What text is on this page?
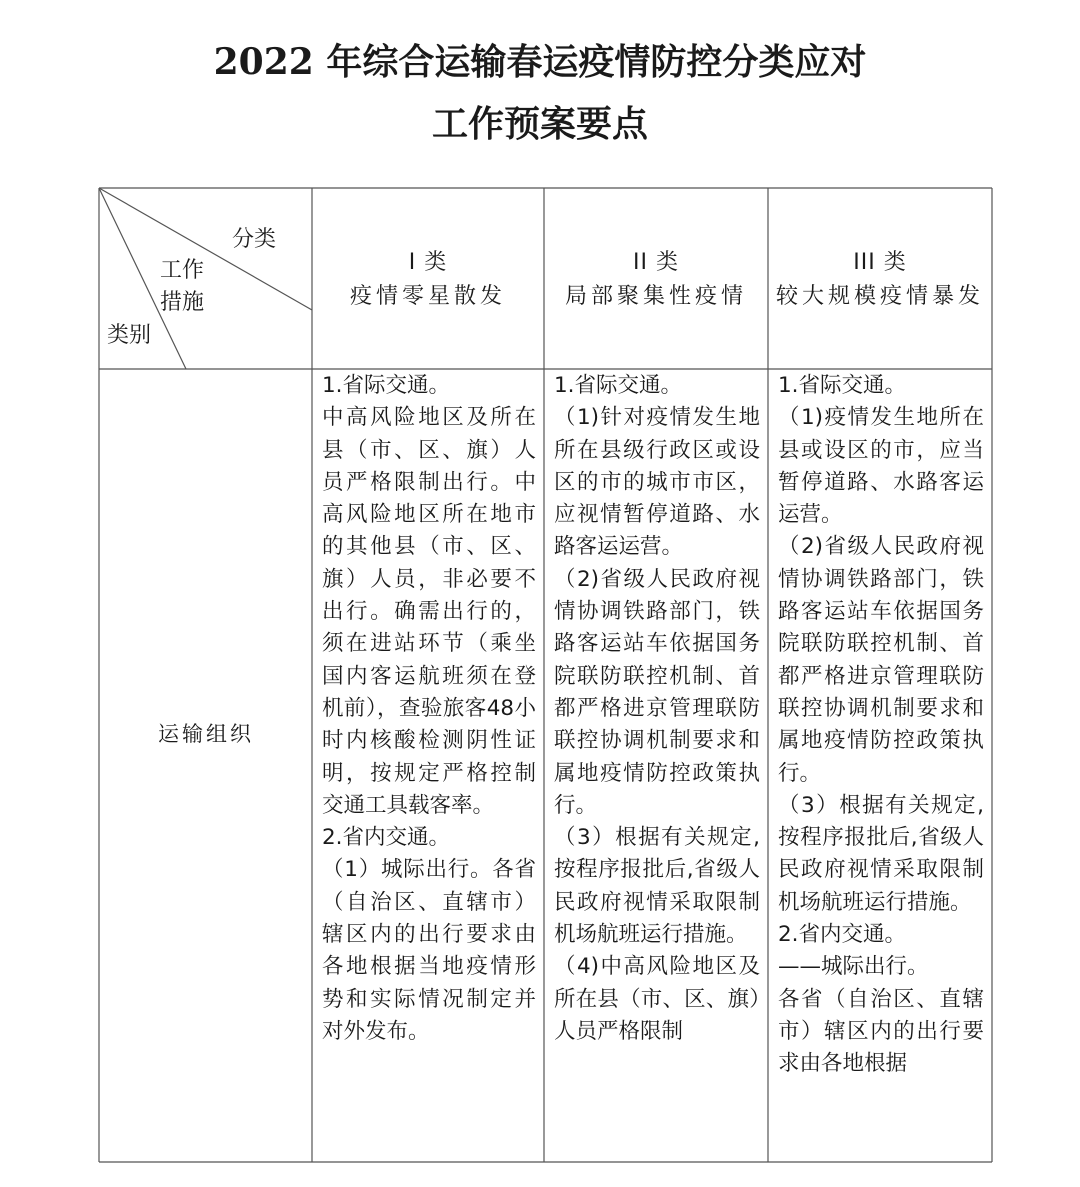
2022 年综合运输春运疫情防控分类应对
工作预案要点
分类
工作
措施
类别
I 类
疫情零星散发
II 类
局部聚集性疫情
III 类
较大规模疫情暴发
运输组织

1.省际交通。

中高风险地区及所在县（市、区、旗）人员严格限制出行。中高风险地区所在地市的其他县（市、区、旗）人员，非必要不出行。确需出行的，须在进站环节（乘坐国内客运航班须在登机前），查验旅客48小时内核酸检测阴性证明，按规定严格控制交通工具载客率。

2.省内交通。

（1）城际出行。各省（自治区、直辖市）辖区内的出行要求由各地根据当地疫情形势和实际情况制定并对外发布。

1.省际交通。

（1)针对疫情发生地所在县级行政区或设区的市的城市市区，应视情暂停道路、水路客运运营。

（2)省级人民政府视情协调铁路部门，铁路客运站车依据国务院联防联控机制、首都严格进京管理联防联控协调机制要求和属地疫情防控政策执行。

（3）根据有关规定,按程序报批后,省级人民政府视情采取限制机场航班运行措施。

（4)中高风险地区及所在县（市、区、旗）人员严格限制

1.省际交通。

（1)疫情发生地所在县或设区的市，应当暂停道路、水路客运运营。

（2)省级人民政府视情协调铁路部门，铁路客运站车依据国务院联防联控机制、首都严格进京管理联防联控协调机制要求和属地疫情防控政策执行。

（3）根据有关规定,按程序报批后,省级人民政府视情采取限制机场航班运行措施。

2.省内交通。

——城际出行。

各省（自治区、直辖市）辖区内的出行要求由各地根据
